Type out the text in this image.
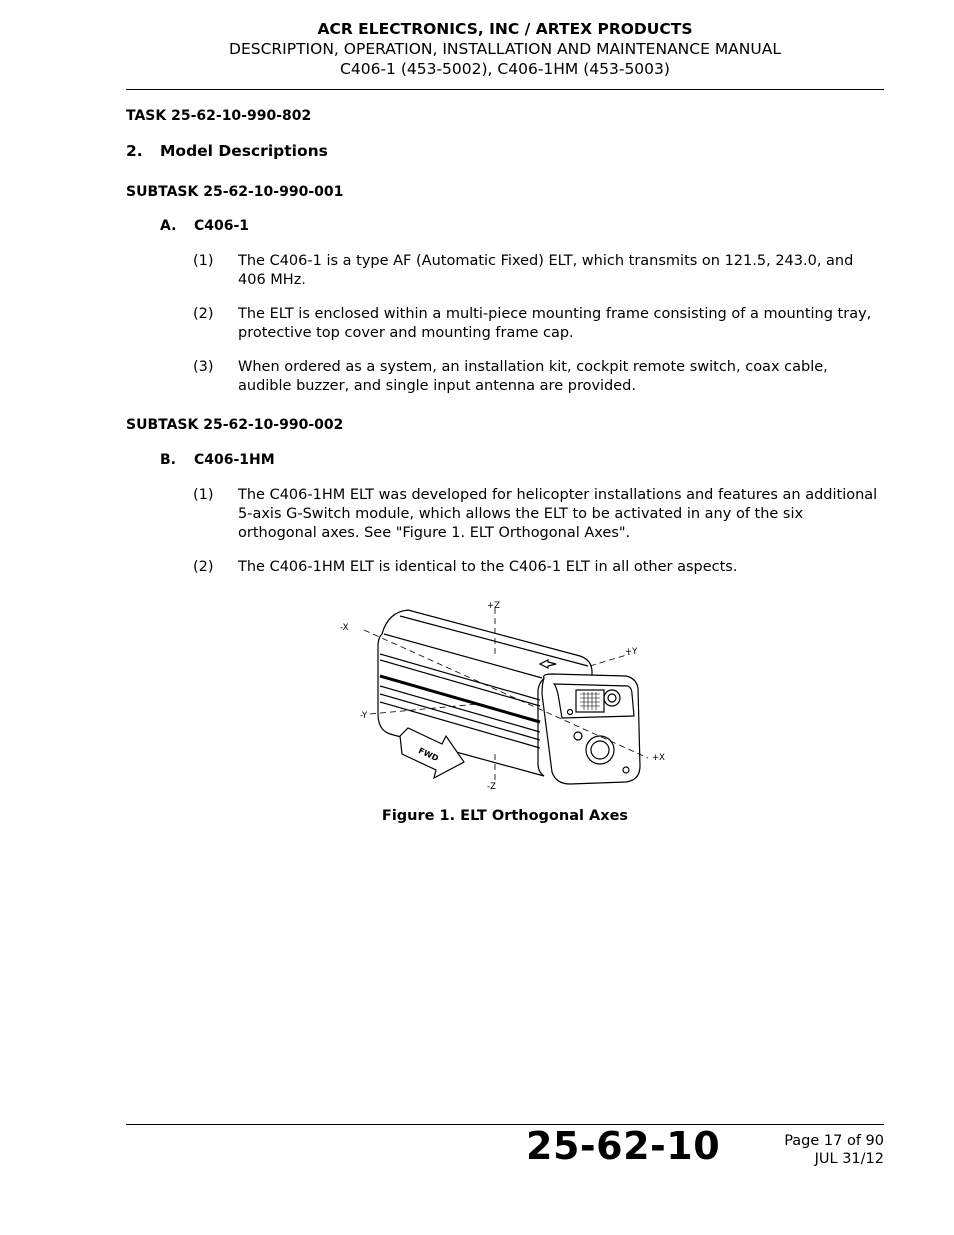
ACR ELECTRONICS, INC / ARTEX PRODUCTS
DESCRIPTION, OPERATION, INSTALLATION AND MAINTENANCE MANUAL
C406-1 (453-5002), C406-1HM (453-5003)
TASK 25-62-10-990-802
2. Model Descriptions
SUBTASK 25-62-10-990-001
A. C406-1
(1) The C406-1 is a type AF (Automatic Fixed) ELT, which transmits on 121.5, 243.0, and 406 MHz.
(2) The ELT is enclosed within a multi-piece mounting frame consisting of a mounting tray, protective top cover and mounting frame cap.
(3) When ordered as a system, an installation kit, cockpit remote switch, coax cable, audible buzzer, and single input antenna are provided.
SUBTASK 25-62-10-990-002
B. C406-1HM
(1) The C406-1HM ELT was developed for helicopter installations and features an additional 5-axis G-Switch module, which allows the ELT to be activated in any of the six orthogonal axes. See "Figure 1. ELT Orthogonal Axes".
(2) The C406-1HM ELT is identical to the C406-1 ELT in all other aspects.
+Z
-Z
-X
+X
+Y
-Y
FWD
Figure 1. ELT Orthogonal Axes
25-62-10	Page 17 of 90
JUL 31/12
